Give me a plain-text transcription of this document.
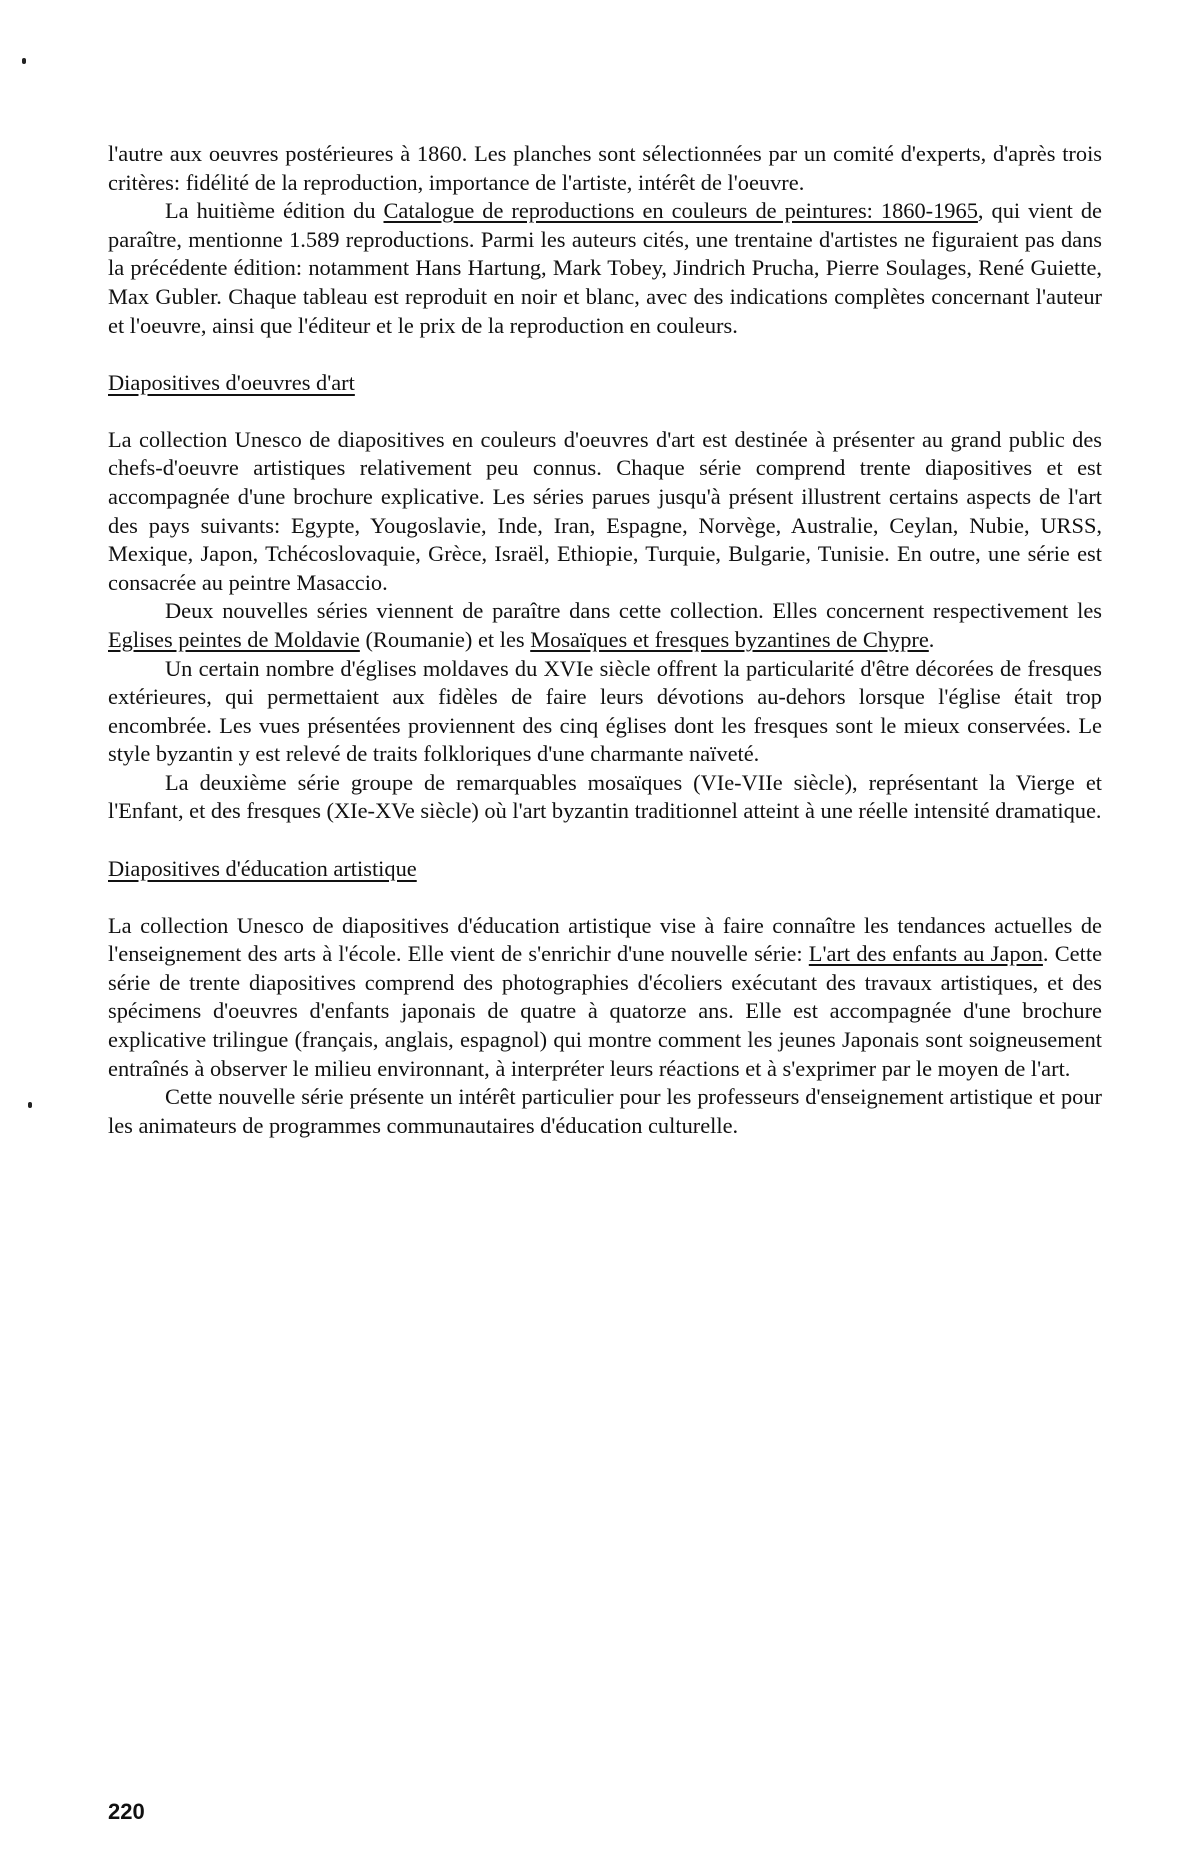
l'autre aux oeuvres postérieures à 1860. Les planches sont sélectionnées par un comité d'experts, d'après trois critères: fidélité de la reproduction, importance de l'artiste, intérêt de l'oeuvre.

La huitième édition du Catalogue de reproductions en couleurs de peintures: 1860-1965, qui vient de paraître, mentionne 1.589 reproductions. Parmi les auteurs cités, une trentaine d'artistes ne figuraient pas dans la précédente édition: notamment Hans Hartung, Mark Tobey, Jindrich Prucha, Pierre Soulages, René Guiette, Max Gubler. Chaque tableau est reproduit en noir et blanc, avec des indications complètes concernant l'auteur et l'oeuvre, ainsi que l'éditeur et le prix de la reproduction en couleurs.

Diapositives d'oeuvres d'art

La collection Unesco de diapositives en couleurs d'oeuvres d'art est destinée à présenter au grand public des chefs-d'oeuvre artistiques relativement peu connus. Chaque série comprend trente diapositives et est accompagnée d'une brochure explicative. Les séries parues jusqu'à présent illustrent certains aspects de l'art des pays suivants: Egypte, Yougoslavie, Inde, Iran, Espagne, Norvège, Australie, Ceylan, Nubie, URSS, Mexique, Japon, Tchécoslovaquie, Grèce, Israël, Ethiopie, Turquie, Bulgarie, Tunisie. En outre, une série est consacrée au peintre Masaccio.

Deux nouvelles séries viennent de paraître dans cette collection. Elles concernent respectivement les Eglises peintes de Moldavie (Roumanie) et les Mosaïques et fresques byzantines de Chypre.

Un certain nombre d'églises moldaves du XVIe siècle offrent la particularité d'être décorées de fresques extérieures, qui permettaient aux fidèles de faire leurs dévotions au-dehors lorsque l'église était trop encombrée. Les vues présentées proviennent des cinq églises dont les fresques sont le mieux conservées. Le style byzantin y est relevé de traits folkloriques d'une charmante naïveté.

La deuxième série groupe de remarquables mosaïques (VIe-VIIe siècle), représentant la Vierge et l'Enfant, et des fresques (XIe-XVe siècle) où l'art byzantin traditionnel atteint à une réelle intensité dramatique.

Diapositives d'éducation artistique

La collection Unesco de diapositives d'éducation artistique vise à faire connaître les tendances actuelles de l'enseignement des arts à l'école. Elle vient de s'enrichir d'une nouvelle série: L'art des enfants au Japon. Cette série de trente diapositives comprend des photographies d'écoliers exécutant des travaux artistiques, et des spécimens d'oeuvres d'enfants japonais de quatre à quatorze ans. Elle est accompagnée d'une brochure explicative trilingue (français, anglais, espagnol) qui montre comment les jeunes Japonais sont soigneusement entraînés à observer le milieu environnant, à interpréter leurs réactions et à s'exprimer par le moyen de l'art.

Cette nouvelle série présente un intérêt particulier pour les professeurs d'enseignement artistique et pour les animateurs de programmes communautaires d'éducation culturelle.

220
